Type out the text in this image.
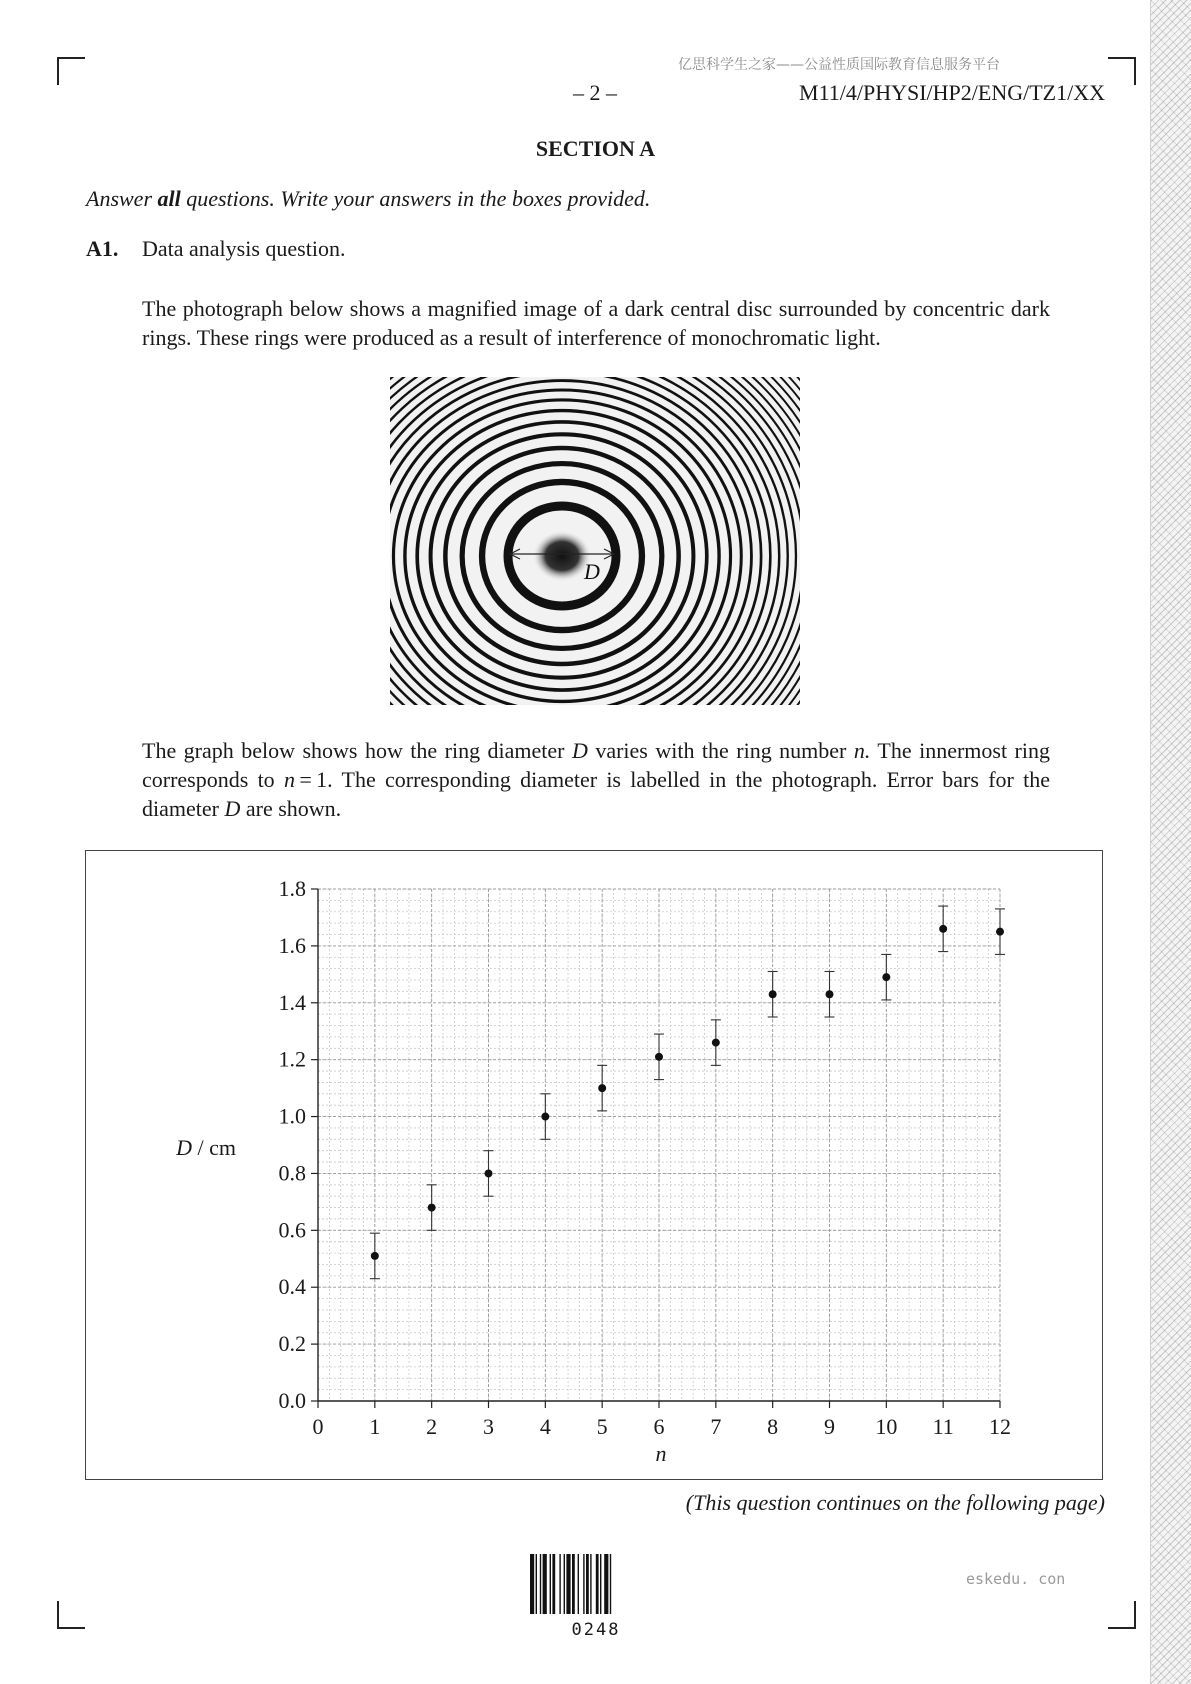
亿思科学生之家——公益性质国际教育信息服务平台
– 2 –	M11/4/PHYSI/HP2/ENG/TZ1/XX
SECTION A
Answer all questions. Write your answers in the boxes provided.
A1. Data analysis question.
The photograph below shows a magnified image of a dark central disc surrounded by concentric dark rings. These rings were produced as a result of interference of monochromatic light.
D
The graph below shows how the ring diameter D varies with the ring number n. The innermost ring corresponds to n = 1. The corresponding diameter is labelled in the photograph. Error bars for the diameter D are shown.
0 1 2 3 4 5 6 7 8 9 10 11 12
0.0
0.2
0.4
0.6
0.8
1.0
1.2
1.4
1.6
1.8
D / cm
n
(This question continues on the following page)
0248
eskedu. con
